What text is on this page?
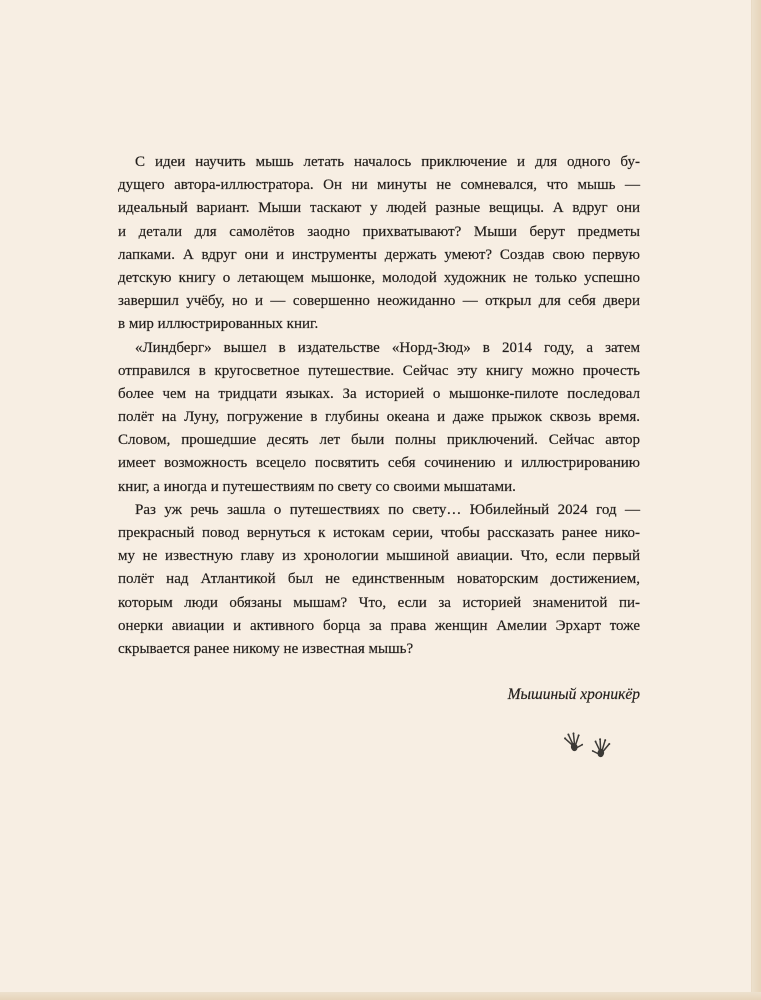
С идеи научить мышь летать началось приключение и для одного бу-
дущего автора-иллюстратора. Он ни минуты не сомневался, что мышь —
идеальный вариант. Мыши таскают у людей разные вещицы. А вдруг они
и детали для самолётов заодно прихватывают? Мыши берут предметы
лапками. А вдруг они и инструменты держать умеют? Создав свою первую
детскую книгу о летающем мышонке, молодой художник не только успешно
завершил учёбу, но и — совершенно неожиданно — открыл для себя двери
в мир иллюстрированных книг.
«Линдберг» вышел в издательстве «Норд-Зюд» в 2014 году, а затем
отправился в кругосветное путешествие. Сейчас эту книгу можно прочесть
более чем на тридцати языках. За историей о мышонке-пилоте последовал
полёт на Луну, погружение в глубины океана и даже прыжок сквозь время.
Словом, прошедшие десять лет были полны приключений. Сейчас автор
имеет возможность всецело посвятить себя сочинению и иллюстрированию
книг, а иногда и путешествиям по свету со своими мышатами.
Раз уж речь зашла о путешествиях по свету… Юбилейный 2024 год —
прекрасный повод вернуться к истокам серии, чтобы рассказать ранее нико-
му не известную главу из хронологии мышиной авиации. Что, если первый
полёт над Атлантикой был не единственным новаторским достижением,
которым люди обязаны мышам? Что, если за историей знаменитой пи-
онерки авиации и активного борца за права женщин Амелии Эрхарт тоже
скрывается ранее никому не известная мышь?
Мышиный хроникёр
